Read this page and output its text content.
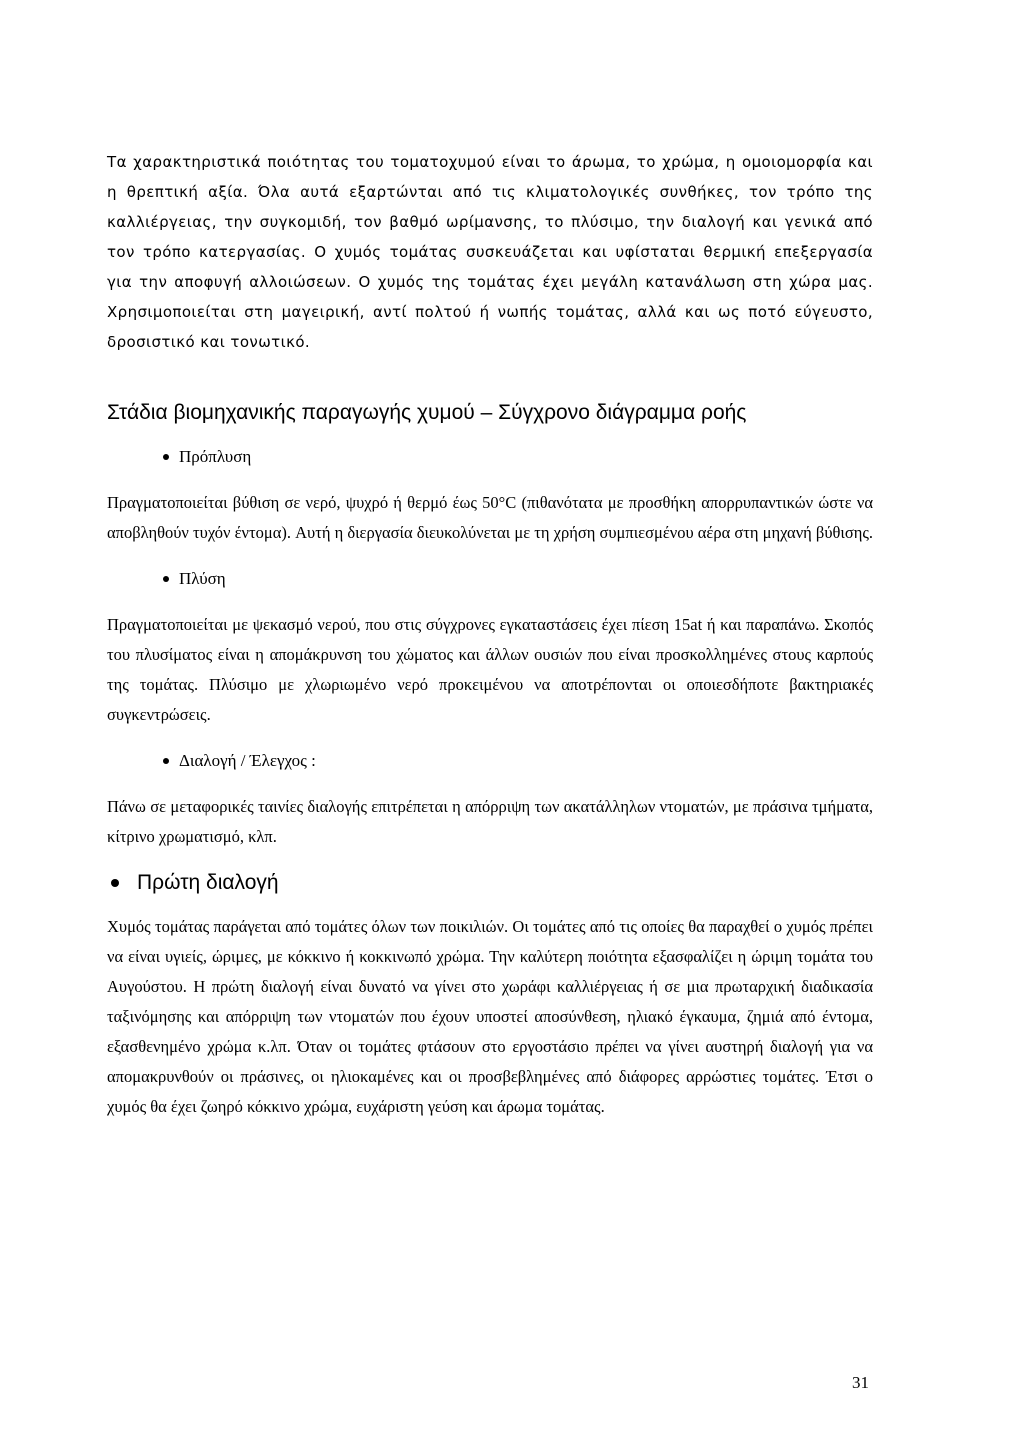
Τα χαρακτηριστικά ποιότητας του τοματοχυμού είναι το άρωμα, το χρώμα, η ομοιομορφία και η θρεπτική αξία. Όλα αυτά εξαρτώνται από τις κλιματολογικές συνθήκες, τον τρόπο της καλλιέργειας, την συγκομιδή, τον βαθμό ωρίμανσης, το πλύσιμο, την διαλογή και γενικά από τον τρόπο κατεργασίας. Ο χυμός τομάτας συσκευάζεται και υφίσταται θερμική επεξεργασία για την αποφυγή αλλοιώσεων. Ο χυμός της τομάτας έχει μεγάλη κατανάλωση στη χώρα μας. Χρησιμοποιείται στη μαγειρική, αντί πολτού ή νωπής τομάτας, αλλά και ως ποτό εύγευστο, δροσιστικό και τονωτικό.

Στάδια βιομηχανικής παραγωγής χυμού – Σύγχρονο διάγραμμα ροής
Πρόπλυση

Πραγματοποιείται βύθιση σε νερό, ψυχρό ή θερμό έως 50°C (πιθανότατα με προσθήκη απορρυπαντικών ώστε να αποβληθούν τυχόν έντομα). Αυτή η διεργασία διευκολύνεται με τη χρήση συμπιεσμένου αέρα στη μηχανή βύθισης.

Πλύση

Πραγματοποιείται με ψεκασμό νερού, που στις σύγχρονες εγκαταστάσεις έχει πίεση 15at ή και παραπάνω. Σκοπός του πλυσίματος είναι η απομάκρυνση του χώματος και άλλων ουσιών που είναι προσκολλημένες στους καρπούς της τομάτας. Πλύσιμο με χλωριωμένο νερό προκειμένου να αποτρέπονται οι οποιεσδήποτε βακτηριακές συγκεντρώσεις.

Διαλογή / Έλεγχος :

Πάνω σε μεταφορικές ταινίες διαλογής επιτρέπεται η απόρριψη των ακατάλληλων ντοματών, με πράσινα τμήματα, κίτρινο χρωματισμό, κλπ.

Πρώτη διαλογή

Χυμός τομάτας παράγεται από τομάτες όλων των ποικιλιών. Οι τομάτες από τις οποίες θα παραχθεί ο χυμός πρέπει να είναι υγιείς, ώριμες, με κόκκινο ή κοκκινωπό χρώμα. Την καλύτερη ποιότητα εξασφαλίζει η ώριμη τομάτα του Αυγούστου. Η πρώτη διαλογή είναι δυνατό να γίνει στο χωράφι καλλιέργειας ή σε μια πρωταρχική διαδικασία ταξινόμησης και απόρριψη των ντοματών που έχουν υποστεί αποσύνθεση, ηλιακό έγκαυμα, ζημιά από έντομα, εξασθενημένο χρώμα κ.λπ. Όταν οι τομάτες φτάσουν στο εργοστάσιο πρέπει να γίνει αυστηρή διαλογή για να απομακρυνθούν οι πράσινες, οι ηλιοκαμένες και οι προσβεβλημένες από διάφορες αρρώστιες τομάτες. Έτσι ο χυμός θα έχει ζωηρό κόκκινο χρώμα, ευχάριστη γεύση και άρωμα τομάτας.

31
